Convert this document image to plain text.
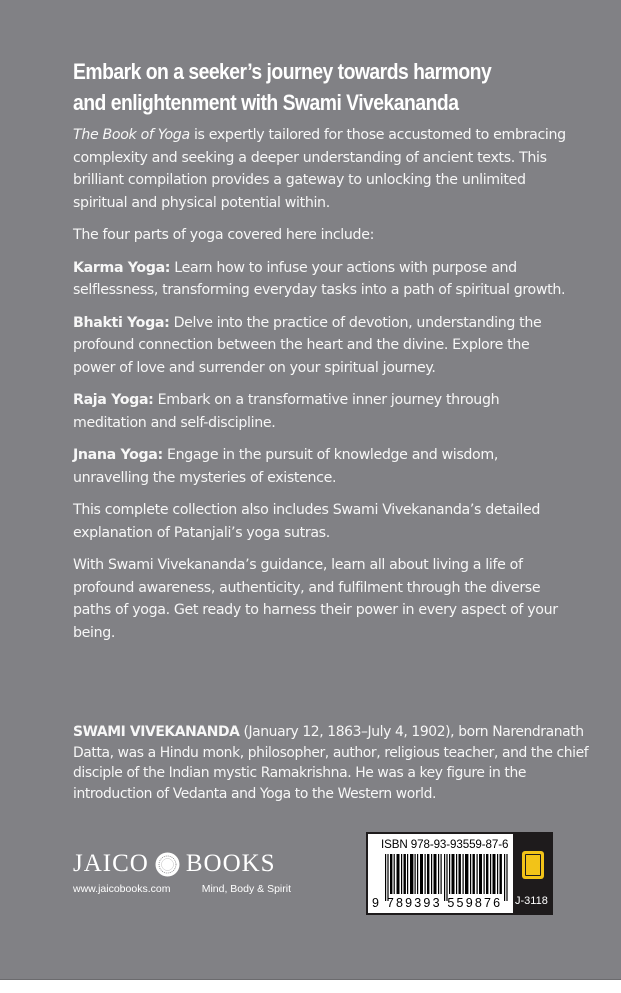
Embark on a seeker’s journey towards harmony
and enlightenment with Swami Vivekananda

The Book of Yoga is expertly tailored for those accustomed to embracing complexity and seeking a deeper understanding of ancient texts. This brilliant compilation provides a gateway to unlocking the unlimited spiritual and physical potential within.

The four parts of yoga covered here include:

Karma Yoga: Learn how to infuse your actions with purpose and selflessness, transforming everyday tasks into a path of spiritual growth.

Bhakti Yoga: Delve into the practice of devotion, understanding the profound connection between the heart and the divine. Explore the power of love and surrender on your spiritual journey.

Raja Yoga: Embark on a transformative inner journey through meditation and self-discipline.

Jnana Yoga: Engage in the pursuit of knowledge and wisdom, unravelling the mysteries of existence.

This complete collection also includes Swami Vivekananda’s detailed explanation of Patanjali’s yoga sutras.

With Swami Vivekananda’s guidance, learn all about living a life of profound awareness, authenticity, and fulfilment through the diverse paths of yoga. Get ready to harness their power in every aspect of your being.

SWAMI VIVEKANANDA (January 12, 1863–July 4, 1902), born Narendranath Datta, was a Hindu monk, philosopher, author, religious teacher, and the chief disciple of the Indian mystic Ramakrishna. He was a key figure in the introduction of Vedanta and Yoga to the Western world.

JAICO BOOKS
www.jaicobooks.com	Mind, Body & Spirit
ISBN 978-93-93559-87-6
9 789393 559876 J-3118
